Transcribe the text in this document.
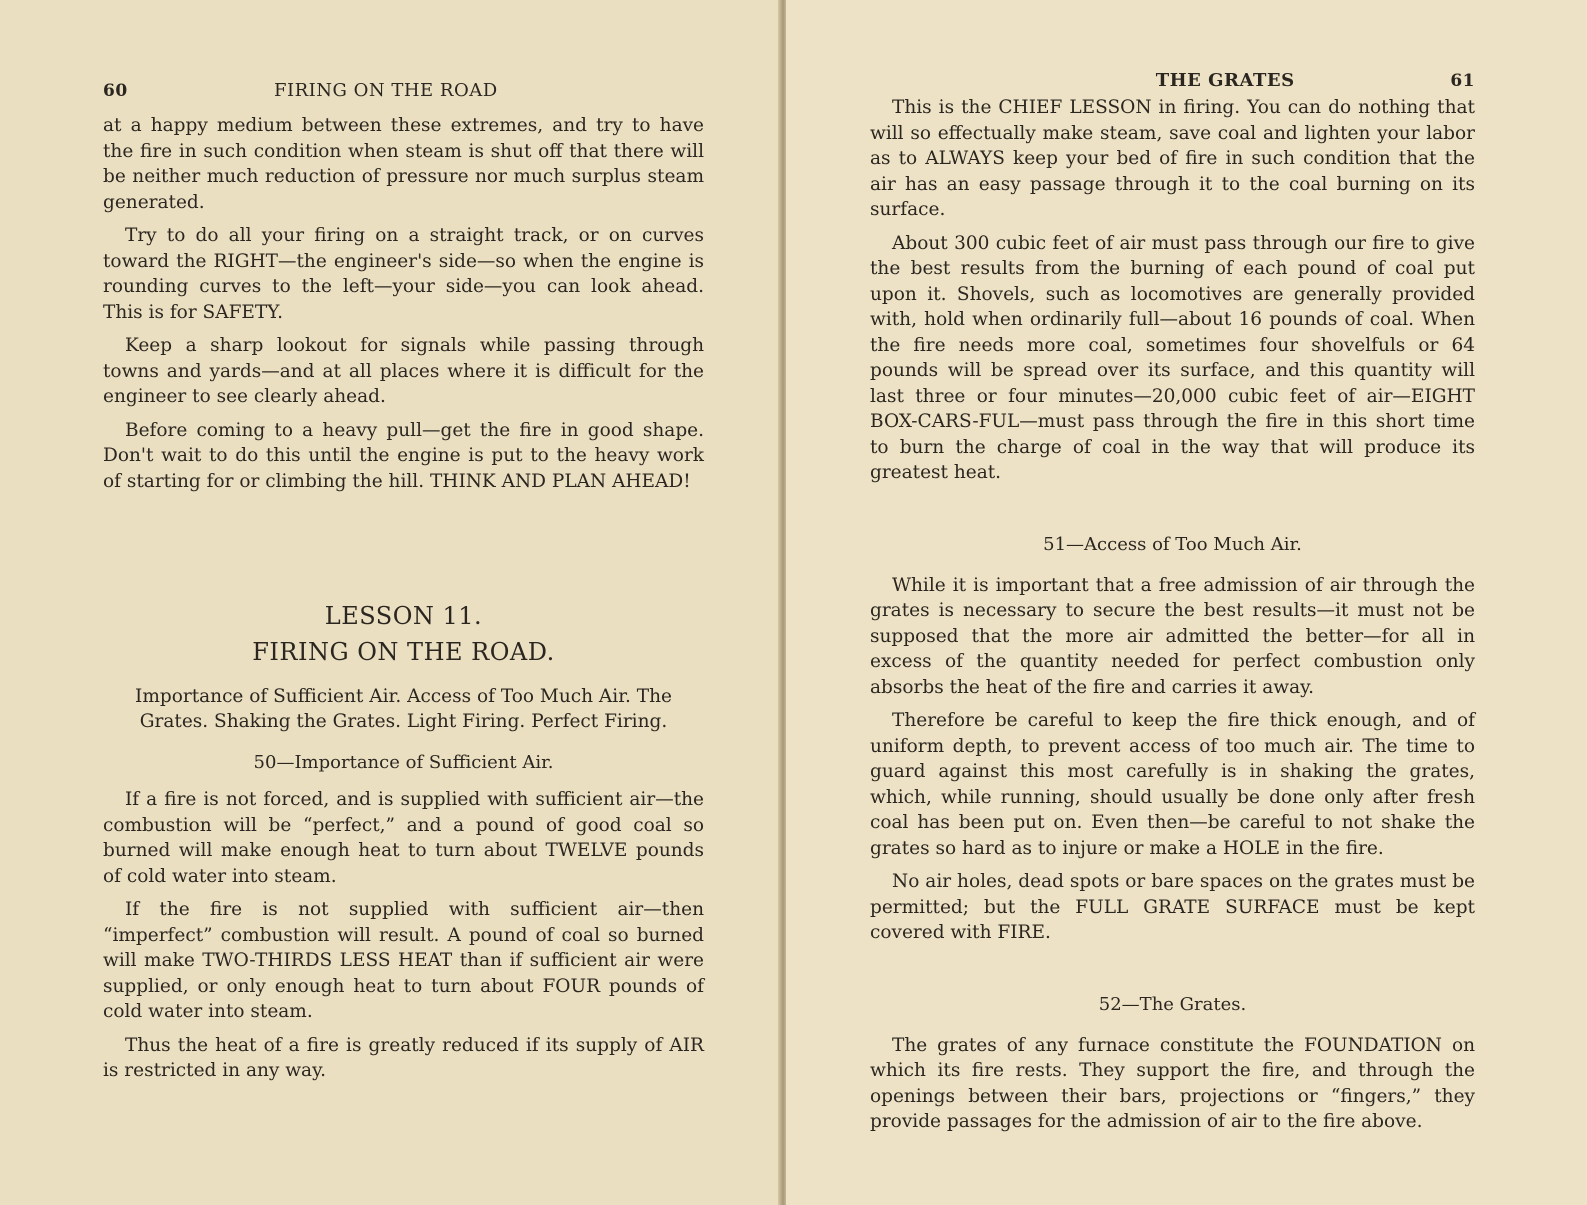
60	FIRING ON THE ROAD

at a happy medium between these extremes, and try to have the fire in such condition when steam is shut off that there will be neither much reduction of pressure nor much surplus steam generated.

Try to do all your firing on a straight track, or on curves toward the RIGHT—the engineer's side—so when the engine is rounding curves to the left—your side—you can look ahead. This is for SAFETY.

Keep a sharp lookout for signals while passing through towns and yards—and at all places where it is difficult for the engineer to see clearly ahead.

Before coming to a heavy pull—get the fire in good shape. Don't wait to do this until the engine is put to the heavy work of starting for or climbing the hill. THINK AND PLAN AHEAD!

LESSON 11.
FIRING ON THE ROAD.
Importance of Sufficient Air. Access of Too Much Air. The Grates. Shaking the Grates. Light Firing. Perfect Firing.
50—Importance of Sufficient Air.

If a fire is not forced, and is supplied with sufficient air—the combustion will be “perfect,” and a pound of good coal so burned will make enough heat to turn about TWELVE pounds of cold water into steam.

If the fire is not supplied with sufficient air—then “imperfect” combustion will result. A pound of coal so burned will make TWO-THIRDS LESS HEAT than if sufficient air were supplied, or only enough heat to turn about FOUR pounds of cold water into steam.

Thus the heat of a fire is greatly reduced if its supply of AIR is restricted in any way.

THE GRATES	61

This is the CHIEF LESSON in firing. You can do nothing that will so effectually make steam, save coal and lighten your labor as to ALWAYS keep your bed of fire in such condition that the air has an easy passage through it to the coal burning on its surface.

About 300 cubic feet of air must pass through our fire to give the best results from the burning of each pound of coal put upon it. Shovels, such as locomotives are generally provided with, hold when ordinarily full—about 16 pounds of coal. When the fire needs more coal, sometimes four shovelfuls or 64 pounds will be spread over its surface, and this quantity will last three or four minutes—20,000 cubic feet of air—EIGHT BOX-CARS-FUL—must pass through the fire in this short time to burn the charge of coal in the way that will produce its greatest heat.

51—Access of Too Much Air.

While it is important that a free admission of air through the grates is necessary to secure the best results—it must not be supposed that the more air admitted the better—for all in excess of the quantity needed for perfect combustion only absorbs the heat of the fire and carries it away.

Therefore be careful to keep the fire thick enough, and of uniform depth, to prevent access of too much air. The time to guard against this most carefully is in shaking the grates, which, while running, should usually be done only after fresh coal has been put on. Even then—be careful to not shake the grates so hard as to injure or make a HOLE in the fire.

No air holes, dead spots or bare spaces on the grates must be permitted; but the FULL GRATE SURFACE must be kept covered with FIRE.

52—The Grates.

The grates of any furnace constitute the FOUNDATION on which its fire rests. They support the fire, and through the openings between their bars, projections or “fingers,” they provide passages for the admission of air to the fire above.
